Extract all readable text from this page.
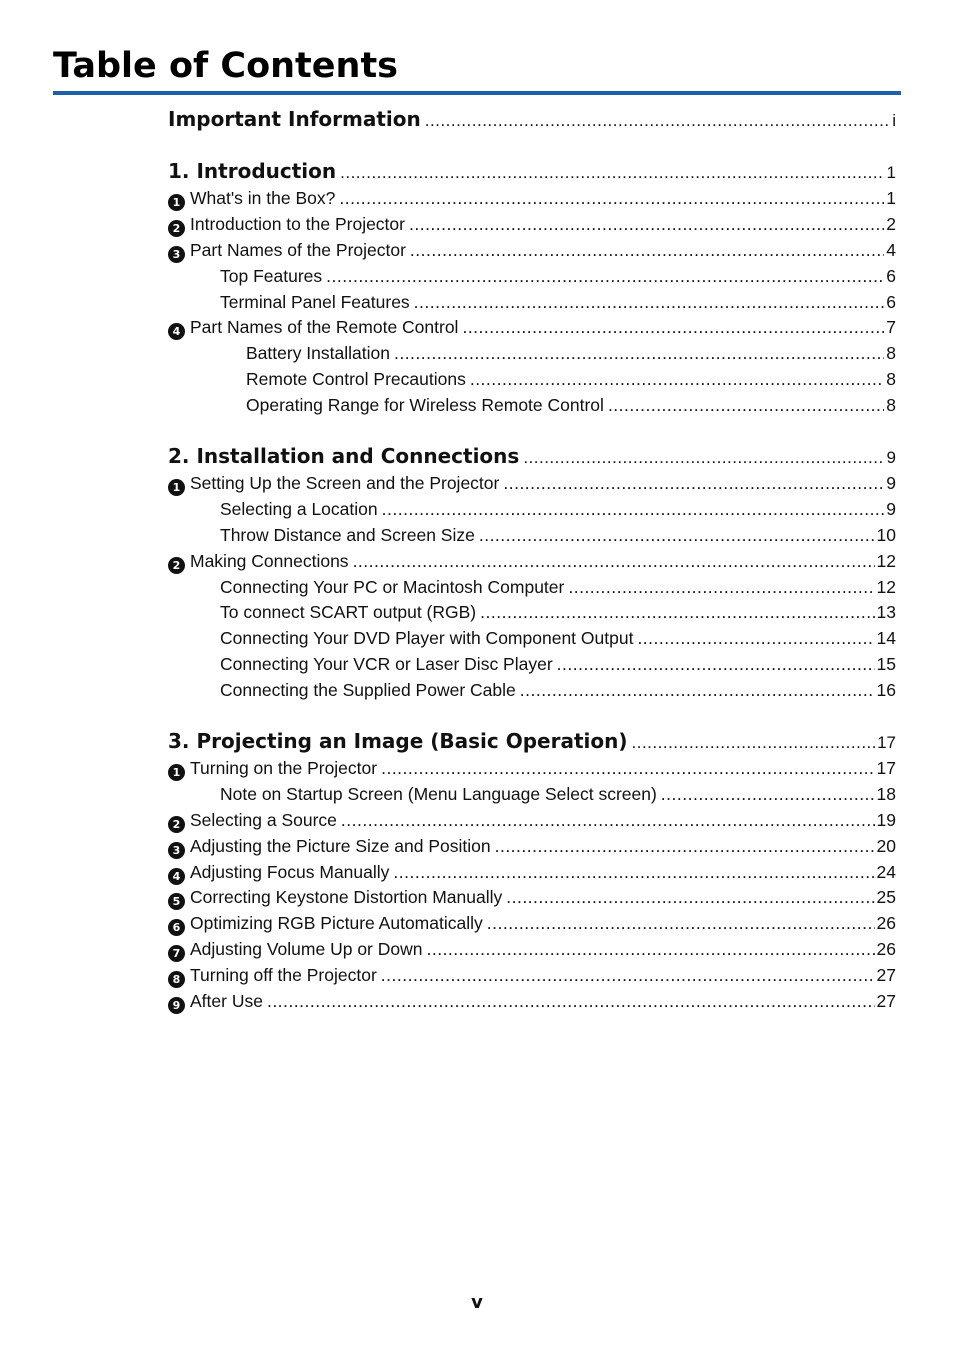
Table of Contents
Important Information .....	i
1. Introduction .....	1
1 What's in the Box? .....	1
2 Introduction to the Projector .....	2
3 Part Names of the Projector .....	4
Top Features .....	6
Terminal Panel Features .....	6
4 Part Names of the Remote Control .....	7
Battery Installation .....	8
Remote Control Precautions .....	8
Operating Range for Wireless Remote Control .....	8
2. Installation and Connections .....	9
1 Setting Up the Screen and the Projector .....	9
Selecting a Location .....	9
Throw Distance and Screen Size .....	10
2 Making Connections .....	12
Connecting Your PC or Macintosh Computer .....	12
To connect SCART output (RGB) .....	13
Connecting Your DVD Player with Component Output .....	14
Connecting Your VCR or Laser Disc Player .....	15
Connecting the Supplied Power Cable .....	16
3. Projecting an Image (Basic Operation) .....	17
1 Turning on the Projector .....	17
Note on Startup Screen (Menu Language Select screen) .....	18
2 Selecting a Source .....	19
3 Adjusting the Picture Size and Position .....	20
4 Adjusting Focus Manually .....	24
5 Correcting Keystone Distortion Manually .....	25
6 Optimizing RGB Picture Automatically .....	26
7 Adjusting Volume Up or Down .....	26
8 Turning off the Projector .....	27
9 After Use .....	27

v
